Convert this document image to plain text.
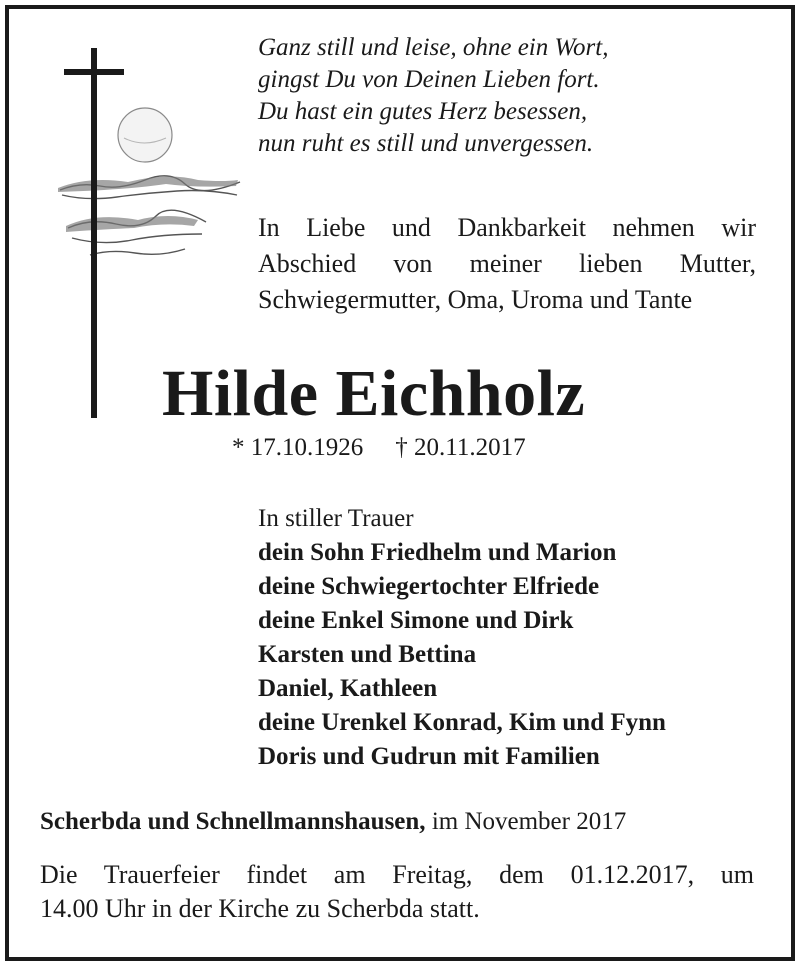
Ganz still und leise, ohne ein Wort,
gingst Du von Deinen Lieben fort.
Du hast ein gutes Herz besessen,
nun ruht es still und unvergessen.
In Liebe und Dankbarkeit nehmen wir
Abschied von meiner lieben Mutter,
Schwiegermutter, Oma, Uroma und Tante
Hilde Eichholz
* 17.10.1926 † 20.11.2017
In stiller Trauer
dein Sohn Friedhelm und Marion
deine Schwiegertochter Elfriede
deine Enkel Simone und Dirk
Karsten und Bettina
Daniel, Kathleen
deine Urenkel Konrad, Kim und Fynn
Doris und Gudrun mit Familien
Scherbda und Schnellmannshausen, im November 2017
Die Trauerfeier findet am Freitag, dem 01.12.2017, um
14.00 Uhr in der Kirche zu Scherbda statt.
